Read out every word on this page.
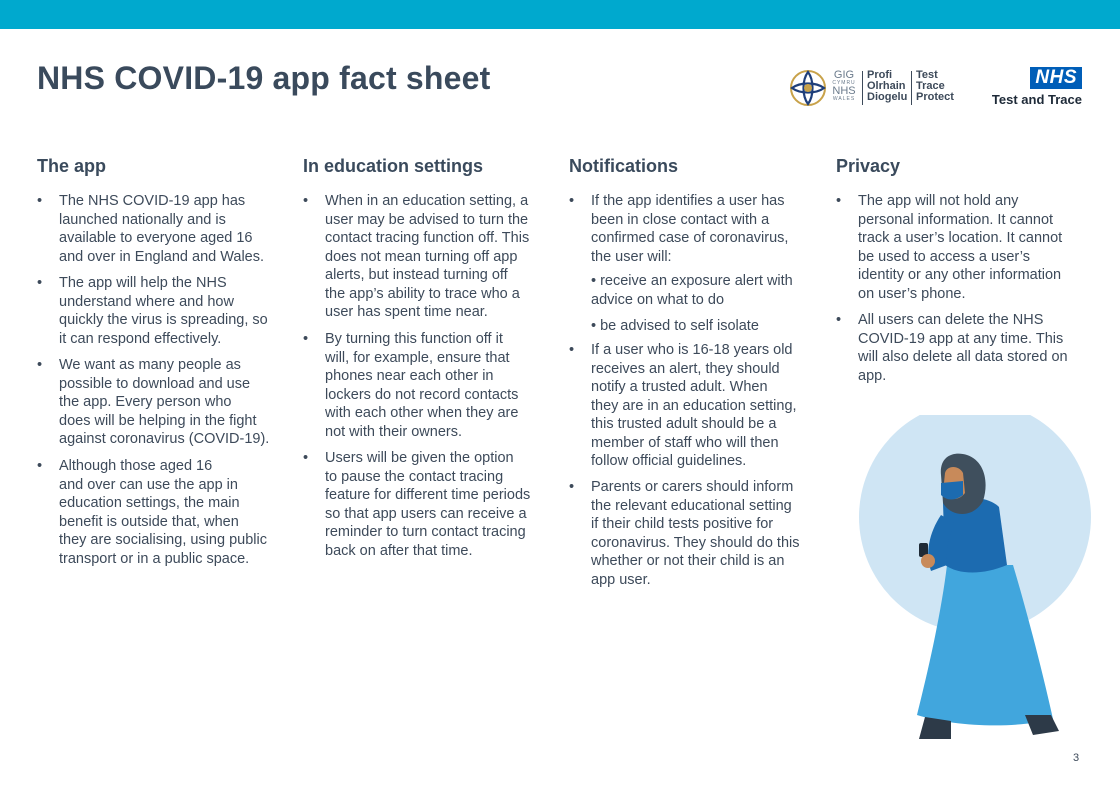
NHS COVID-19 app fact sheet	GIG
CYMRU
NHS
WALES
Profi
Olrhain
Diogelu
Test
Trace
Protect
NHS
Test and Trace
The app
• The NHS COVID-19 app has
launched nationally and is
available to everyone aged 16
and over in England and Wales.
• The app will help the NHS
understand where and how
quickly the virus is spreading, so
it can respond effectively.
• We want as many people as
possible to download and use
the app. Every person who
does will be helping in the fight
against coronavirus (COVID-19).
• Although those aged 16
and over can use the app in
education settings, the main
benefit is outside that, when
they are socialising, using public
transport or in a public space.
In education settings
• When in an education setting, a
user may be advised to turn the
contact tracing function off. This
does not mean turning off app
alerts, but instead turning off
the app’s ability to trace who a
user has spent time near.
• By turning this function off it
will, for example, ensure that
phones near each other in
lockers do not record contacts
with each other when they are
not with their owners.
• Users will be given the option
to pause the contact tracing
feature for different time periods
so that app users can receive a
reminder to turn contact tracing
back on after that time.
Notifications
• If the app identifies a user has
been in close contact with a
confirmed case of coronavirus,
the user will:
• If a user who is 16-18 years old
receives an alert, they should
notify a trusted adult. When
they are in an education setting,
this trusted adult should be a
member of staff who will then
follow official guidelines.
• Parents or carers should inform
the relevant educational setting
if their child tests positive for
coronavirus. They should do this
whether or not their child is an
app user.
• receive an exposure alert with
advice on what to do
• be advised to self isolate
Privacy
• The app will not hold any
personal information. It cannot
track a user’s location. It cannot
be used to access a user’s
identity or any other information
on user’s phone.
• All users can delete the NHS
COVID-19 app at any time. This
will also delete all data stored on
app.
3
